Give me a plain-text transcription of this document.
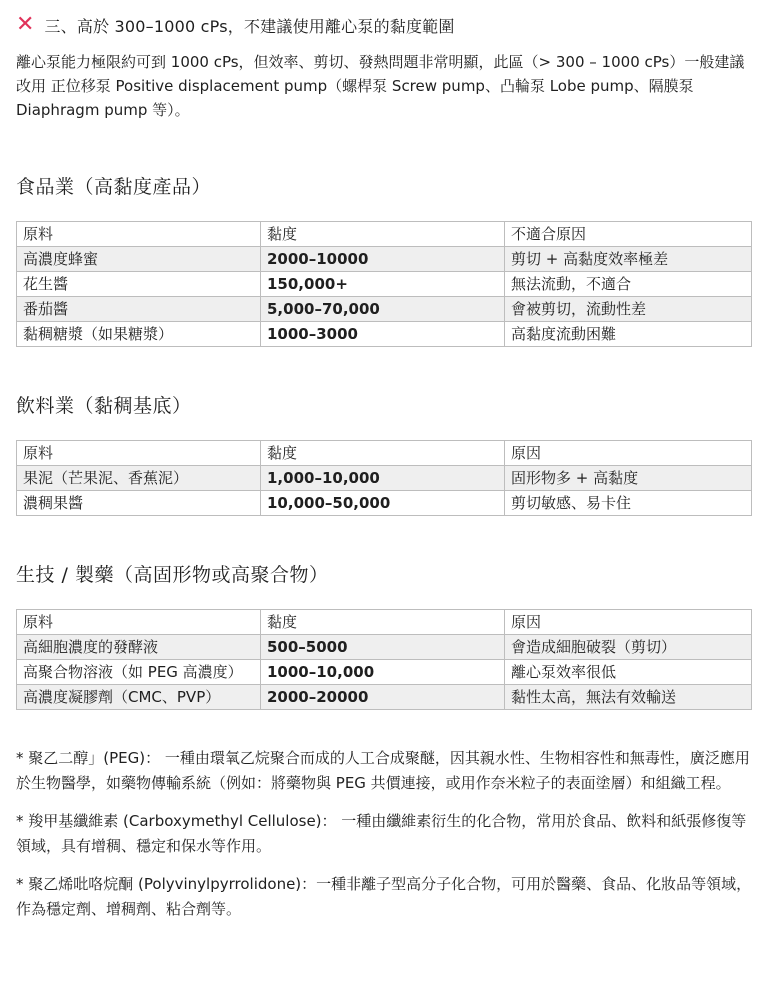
✕ 三、高於 300–1000 cPs，不建議使用離心泵的黏度範圍
離心泵能力極限約可到 1000 cPs，但效率、剪切、發熱問題非常明顯，此區（> 300 – 1000 cPs）一般建議改用 正位移泵 Positive displacement pump（螺桿泵 Screw pump、凸輪泵 Lobe pump、隔膜泵 Diaphragm pump 等）。
食品業（高黏度產品）
原料	黏度	不適合原因
高濃度蜂蜜	2000–10000	剪切 + 高黏度效率極差
花生醬	150,000+	無法流動，不適合
番茄醬	5,000–70,000	會被剪切，流動性差
黏稠糖漿（如果糖漿）	1000–3000	高黏度流動困難
飲料業（黏稠基底）
原料	黏度	原因
果泥（芒果泥、香蕉泥）	1,000–10,000	固形物多 + 高黏度
濃稠果醬	10,000–50,000	剪切敏感、易卡住
生技 / 製藥（高固形物或高聚合物）
原料	黏度	原因
高細胞濃度的發酵液	500–5000	會造成細胞破裂（剪切）
高聚合物溶液（如 PEG 高濃度）	1000–10,000	離心泵效率很低
高濃度凝膠劑（CMC、PVP）	2000–20000	黏性太高，無法有效輸送
* 聚乙二醇」(PEG)： 一種由環氧乙烷聚合而成的人工合成聚醚，因其親水性、生物相容性和無毒性，廣泛應用於生物醫學，如藥物傳輸系統（例如：將藥物與 PEG 共價連接，或用作奈米粒子的表面塗層）和組織工程。
* 羧甲基纖維素 (Carboxymethyl Cellulose)： 一種由纖維素衍生的化合物，常用於食品、飲料和紙張修復等領域，具有增稠、穩定和保水等作用。
* 聚乙烯吡咯烷酮 (Polyvinylpyrrolidone)：一種非離子型高分子化合物，可用於醫藥、食品、化妝品等領域，作為穩定劑、增稠劑、粘合劑等。
